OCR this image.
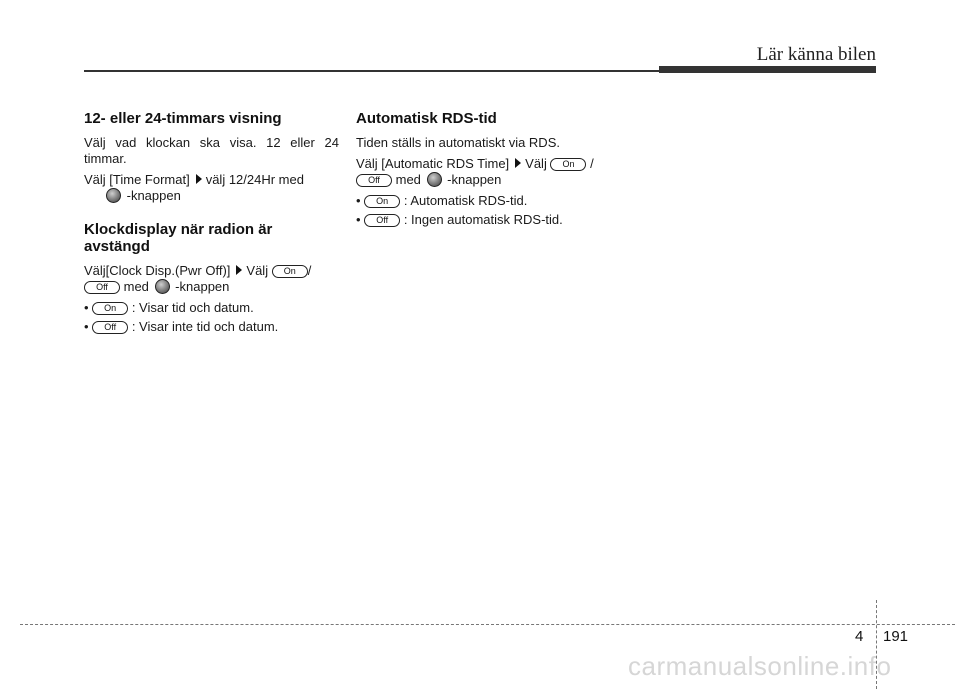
Lär känna bilen
12- eller 24-timmars visning

Välj vad klockan ska visa. 12 eller 24 timmar.

Välj [Time Format] välj 12/24Hr med
-knappen

Klockdisplay när radion är avstängd

Välj[Clock Disp.(Pwr Off)] Välj On /
Off med -knappen

• On : Visar tid och datum.

• Off : Visar inte tid och datum.

Automatisk RDS-tid

Tiden ställs in automatiskt via RDS.

Välj [Automatic RDS Time] Välj On /
Off med -knappen

• On : Automatisk RDS-tid.

• Off : Ingen automatisk RDS-tid.

4 191
carmanualsonline.info
